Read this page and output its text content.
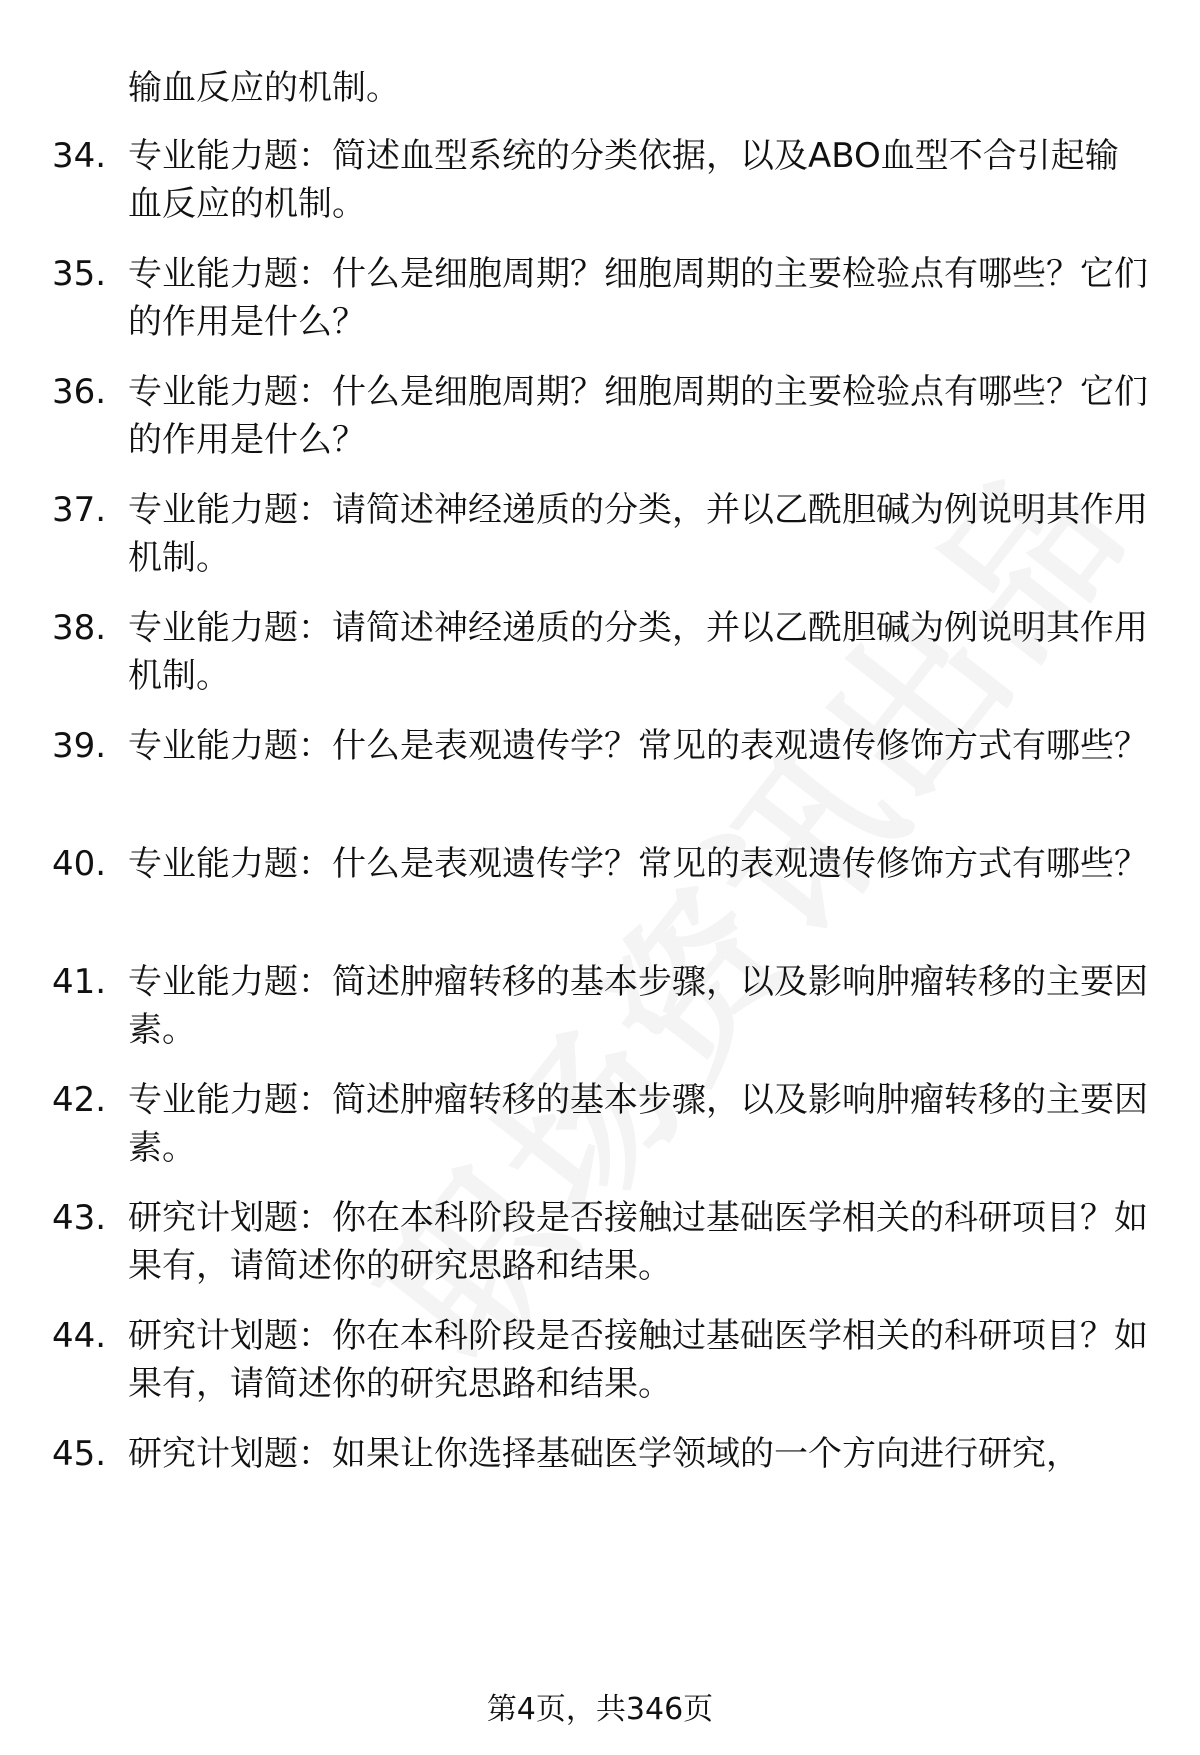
输血反应的机制。

34. 专业能力题：简述血型系统的分类依据，以及ABO血型不合引起输血反应的机制。
35. 专业能力题：什么是细胞周期？细胞周期的主要检验点有哪些？它们的作用是什么？
36. 专业能力题：什么是细胞周期？细胞周期的主要检验点有哪些？它们的作用是什么？
37. 专业能力题：请简述神经递质的分类，并以乙酰胆碱为例说明其作用机制。
38. 专业能力题：请简述神经递质的分类，并以乙酰胆碱为例说明其作用机制。
39. 专业能力题：什么是表观遗传学？常见的表观遗传修饰方式有哪些？
40. 专业能力题：什么是表观遗传学？常见的表观遗传修饰方式有哪些？
41. 专业能力题：简述肿瘤转移的基本步骤，以及影响肿瘤转移的主要因素。
42. 专业能力题：简述肿瘤转移的基本步骤，以及影响肿瘤转移的主要因素。
43. 研究计划题：你在本科阶段是否接触过基础医学相关的科研项目？如果有，请简述你的研究思路和结果。
44. 研究计划题：你在本科阶段是否接触过基础医学相关的科研项目？如果有，请简述你的研究思路和结果。
45. 研究计划题：如果让你选择基础医学领域的一个方向进行研究，
第4页，共346页
